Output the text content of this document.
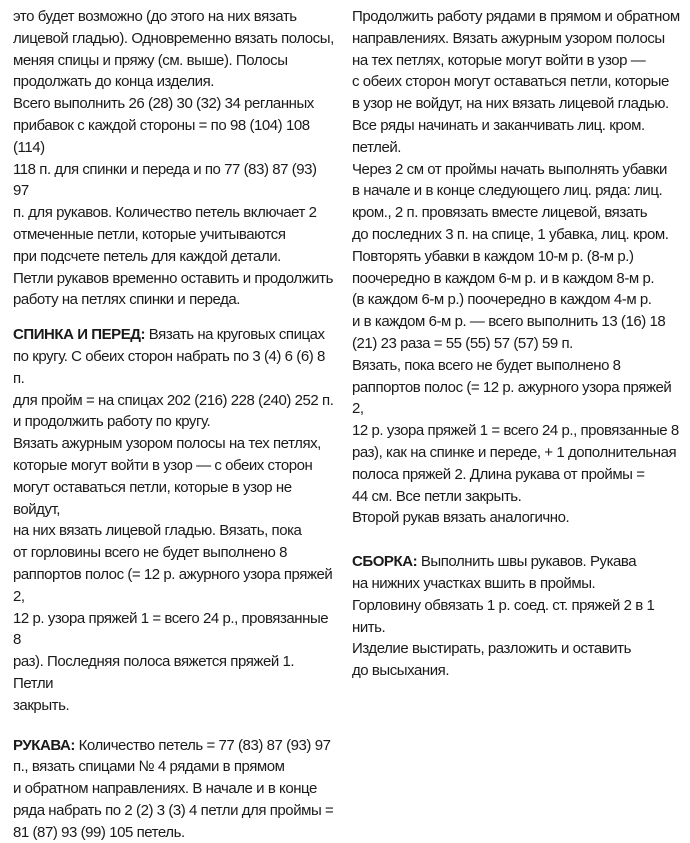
это будет возможно (до этого на них вязать
лицевой гладью). Одновременно вязать полосы,
меняя спицы и пряжу (см. выше). Полосы
продолжать до конца изделия.
Всего выполнить 26 (28) 30 (32) 34 регланных
прибавок с каждой стороны = по 98 (104) 108 (114)
118 п. для спинки и переда и по 77 (83) 87 (93) 97
п. для рукавов. Количество петель включает 2
отмеченные петли, которые учитываются
при подсчете петель для каждой детали.
Петли рукавов временно оставить и продолжить
работу на петлях спинки и переда.
СПИНКА И ПЕРЕД: Вязать на круговых спицах
по кругу. С обеих сторон набрать по 3 (4) 6 (6) 8 п.
для пройм = на спицах 202 (216) 228 (240) 252 п.
и продолжить работу по кругу.
Вязать ажурным узором полосы на тех петлях,
которые могут войти в узор — с обеих сторон
могут оставаться петли, которые в узор не войдут,
на них вязать лицевой гладью. Вязать, пока
от горловины всего не будет выполнено 8
раппортов полос (= 12 р. ажурного узора пряжей 2,
12 р. узора пряжей 1 = всего 24 р., провязанные 8
раз). Последняя полоса вяжется пряжей 1. Петли
закрыть.
РУКАВА: Количество петель = 77 (83) 87 (93) 97
п., вязать спицами № 4 рядами в прямом
и обратном направлениях. В начале и в конце
ряда набрать по 2 (2) 3 (3) 4 петли для проймы =
81 (87) 93 (99) 105 петель.
Продолжить работу рядами в прямом и обратном
направлениях. Вязать ажурным узором полосы
на тех петлях, которые могут войти в узор —
с обеих сторон могут оставаться петли, которые
в узор не войдут, на них вязать лицевой гладью.
Все ряды начинать и заканчивать лиц. кром.
петлей.
Через 2 см от проймы начать выполнять убавки
в начале и в конце следующего лиц. ряда: лиц.
кром., 2 п. провязать вместе лицевой, вязать
до последних 3 п. на спице, 1 убавка, лиц. кром.
Повторять убавки в каждом 10-м р. (8-м р.)
поочередно в каждом 6-м р. и в каждом 8-м р.
(в каждом 6-м р.) поочередно в каждом 4-м р.
и в каждом 6-м р. — всего выполнить 13 (16) 18
(21) 23 раза = 55 (55) 57 (57) 59 п.
Вязать, пока всего не будет выполнено 8
раппортов полос (= 12 р. ажурного узора пряжей 2,
12 р. узора пряжей 1 = всего 24 р., провязанные 8
раз), как на спинке и переде, + 1 дополнительная
полоса пряжей 2. Длина рукава от проймы =
44 см. Все петли закрыть.
Второй рукав вязать аналогично.
СБОРКА: Выполнить швы рукавов. Рукава
на нижних участках вшить в проймы.
Горловину обвязать 1 р. соед. ст. пряжей 2 в 1
нить.
Изделие выстирать, разложить и оставить
до высыхания.
